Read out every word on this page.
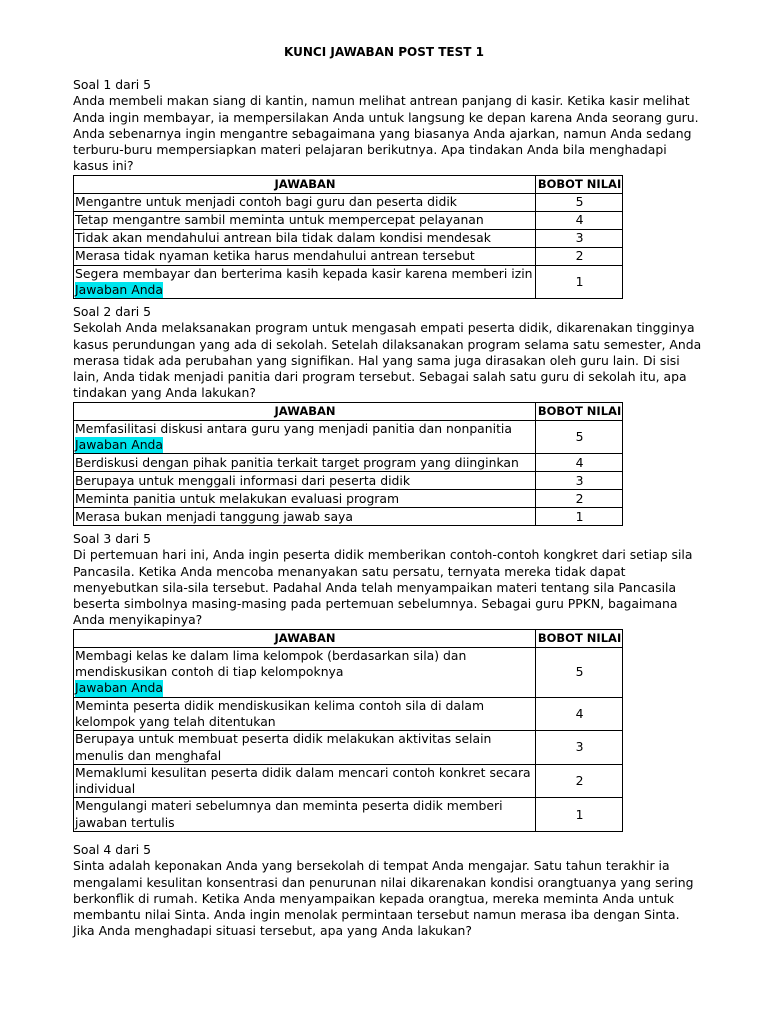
KUNCI JAWABAN POST TEST 1
Soal 1 dari 5
Anda membeli makan siang di kantin, namun melihat antrean panjang di kasir. Ketika kasir melihat Anda ingin membayar, ia mempersilakan Anda untuk langsung ke depan karena Anda seorang guru. Anda sebenarnya ingin mengantre sebagaimana yang biasanya Anda ajarkan, namun Anda sedang terburu-buru mempersiapkan materi pelajaran berikutnya. Apa tindakan Anda bila menghadapi kasus ini?
JAWABAN	BOBOT NILAI
Mengantre untuk menjadi contoh bagi guru dan peserta didik	5
Tetap mengantre sambil meminta untuk mempercepat pelayanan	4
Tidak akan mendahului antrean bila tidak dalam kondisi mendesak	3
Merasa tidak nyaman ketika harus mendahului antrean tersebut	2

Segera membayar dan berterima kasih kepada kasir karena memberi izin
Jawaban Anda	1
Soal 2 dari 5
Sekolah Anda melaksanakan program untuk mengasah empati peserta didik, dikarenakan tingginya kasus perundungan yang ada di sekolah. Setelah dilaksanakan program selama satu semester, Anda merasa tidak ada perubahan yang signifikan. Hal yang sama juga dirasakan oleh guru lain. Di sisi lain, Anda tidak menjadi panitia dari program tersebut. Sebagai salah satu guru di sekolah itu, apa tindakan yang Anda lakukan?
JAWABAN	BOBOT NILAI

Memfasilitasi diskusi antara guru yang menjadi panitia dan nonpanitia
Jawaban Anda	5
Berdiskusi dengan pihak panitia terkait target program yang diinginkan	4
Berupaya untuk menggali informasi dari peserta didik	3
Meminta panitia untuk melakukan evaluasi program	2
Merasa bukan menjadi tanggung jawab saya	1
Soal 3 dari 5
Di pertemuan hari ini, Anda ingin peserta didik memberikan contoh-contoh kongkret dari setiap sila Pancasila. Ketika Anda mencoba menanyakan satu persatu, ternyata mereka tidak dapat menyebutkan sila-sila tersebut. Padahal Anda telah menyampaikan materi tentang sila Pancasila beserta simbolnya masing-masing pada pertemuan sebelumnya. Sebagai guru PPKN, bagaimana Anda menyikapinya?
JAWABAN	BOBOT NILAI

Membagi kelas ke dalam lima kelompok (berdasarkan sila) dan mendiskusikan contoh di tiap kelompoknya
Jawaban Anda	5
Meminta peserta didik mendiskusikan kelima contoh sila di dalam kelompok yang telah ditentukan	4
Berupaya untuk membuat peserta didik melakukan aktivitas selain menulis dan menghafal	3
Memaklumi kesulitan peserta didik dalam mencari contoh konkret secara individual	2
Mengulangi materi sebelumnya dan meminta peserta didik memberi jawaban tertulis	1
Soal 4 dari 5
Sinta adalah keponakan Anda yang bersekolah di tempat Anda mengajar. Satu tahun terakhir ia mengalami kesulitan konsentrasi dan penurunan nilai dikarenakan kondisi orangtuanya yang sering berkonflik di rumah. Ketika Anda menyampaikan kepada orangtua, mereka meminta Anda untuk membantu nilai Sinta. Anda ingin menolak permintaan tersebut namun merasa iba dengan Sinta. Jika Anda menghadapi situasi tersebut, apa yang Anda lakukan?
